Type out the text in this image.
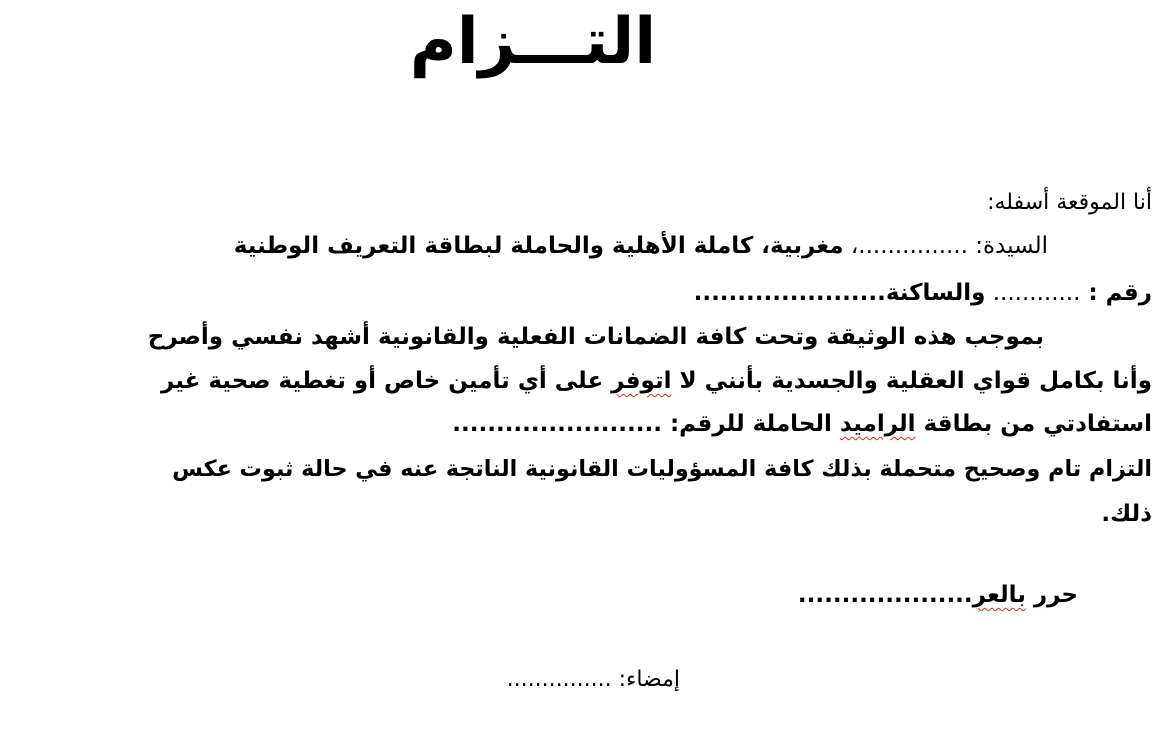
التـــزام

أنا الموقعة أسفله:

السيدة: ...............، مغربية، كاملة الأهلية والحاملة لبطاقة التعريف الوطنية

رقم : ............ والساكنة......................

بموجب هذه الوثيقة وتحت كافة الضمانات الفعلية والقانونية أشهد نفسي وأصرح

وأنا بكامل قواي العقلية والجسدية بأنني لا اتوفر على أي تأمين خاص أو تغطية صحية غير

استفادتي من بطاقة الراميد الحاملة للرقم: ........................

التزام تام وصحيح متحملة بذلك كافة المسؤوليات القانونية الناتجة عنه في حالة ثبوت عكس

ذلك.

حرر بالعر....................

إمضاء: ...............
